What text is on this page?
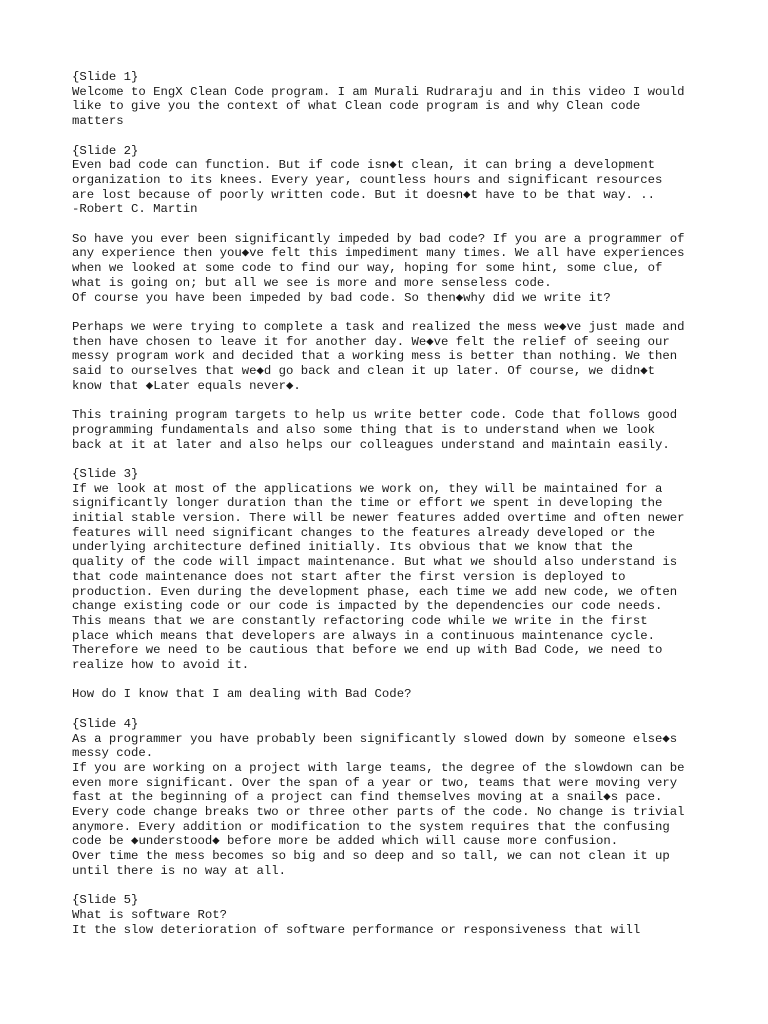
{Slide 1}
Welcome to EngX Clean Code program. I am Murali Rudraraju and in this video I would
like to give you the context of what Clean code program is and why Clean code
matters
{Slide 2}
Even bad code can function. But if code isn◆t clean, it can bring a development
organization to its knees. Every year, countless hours and significant resources
are lost because of poorly written code. But it doesn◆t have to be that way. ..
-Robert C. Martin
So have you ever been significantly impeded by bad code? If you are a programmer of
any experience then you◆ve felt this impediment many times. We all have experiences
when we looked at some code to find our way, hoping for some hint, some clue, of
what is going on; but all we see is more and more senseless code.
Of course you have been impeded by bad code. So then◆why did we write it?
Perhaps we were trying to complete a task and realized the mess we◆ve just made and
then have chosen to leave it for another day. We◆ve felt the relief of seeing our
messy program work and decided that a working mess is better than nothing. We then
said to ourselves that we◆d go back and clean it up later. Of course, we didn◆t
know that ◆Later equals never◆.
This training program targets to help us write better code. Code that follows good
programming fundamentals and also some thing that is to understand when we look
back at it at later and also helps our colleagues understand and maintain easily.
{Slide 3}
If we look at most of the applications we work on, they will be maintained for a
significantly longer duration than the time or effort we spent in developing the
initial stable version. There will be newer features added overtime and often newer
features will need significant changes to the features already developed or the
underlying architecture defined initially. Its obvious that we know that the
quality of the code will impact maintenance. But what we should also understand is
that code maintenance does not start after the first version is deployed to
production. Even during the development phase, each time we add new code, we often
change existing code or our code is impacted by the dependencies our code needs.
This means that we are constantly refactoring code while we write in the first
place which means that developers are always in a continuous maintenance cycle.
Therefore we need to be cautious that before we end up with Bad Code, we need to
realize how to avoid it.
How do I know that I am dealing with Bad Code?
{Slide 4}
As a programmer you have probably been significantly slowed down by someone else◆s
messy code.
If you are working on a project with large teams, the degree of the slowdown can be
even more significant. Over the span of a year or two, teams that were moving very
fast at the beginning of a project can find themselves moving at a snail◆s pace.
Every code change breaks two or three other parts of the code. No change is trivial
anymore. Every addition or modification to the system requires that the confusing
code be ◆understood◆ before more be added which will cause more confusion.
Over time the mess becomes so big and so deep and so tall, we can not clean it up
until there is no way at all.
{Slide 5}
What is software Rot?
It the slow deterioration of software performance or responsiveness that will
